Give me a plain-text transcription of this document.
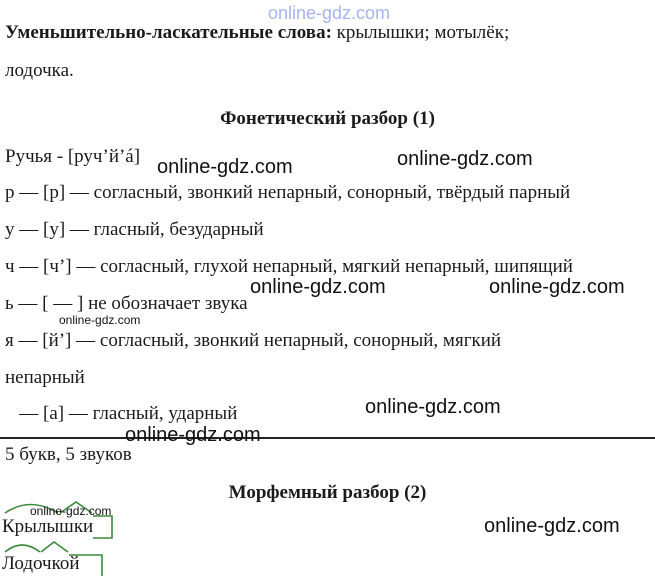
online-gdz.com
Уменьшительно-ласкательные слова: крылышки; мотылёк;
лодочка.
Фонетический разбор (1)
Ручья - [руч’й’á]
р — [р] — согласный, звонкий непарный, сонорный, твёрдый парный
у — [у] — гласный, безударный
ч — [ч’] — согласный, глухой непарный, мягкий непарный, шипящий
ь — [ — ] не обозначает звука
я — [й’] — согласный, звонкий непарный, сонорный, мягкий
непарный
— [а] — гласный, ударный
5 букв, 5 звуков
Морфемный разбор (2)
Крылышки
Лодочкой
online-gdz.com	online-gdz.com
online-gdz.com	online-gdz.com
online-gdz.com
online-gdz.com
online-gdz.com
online-gdz.com
online-gdz.com
